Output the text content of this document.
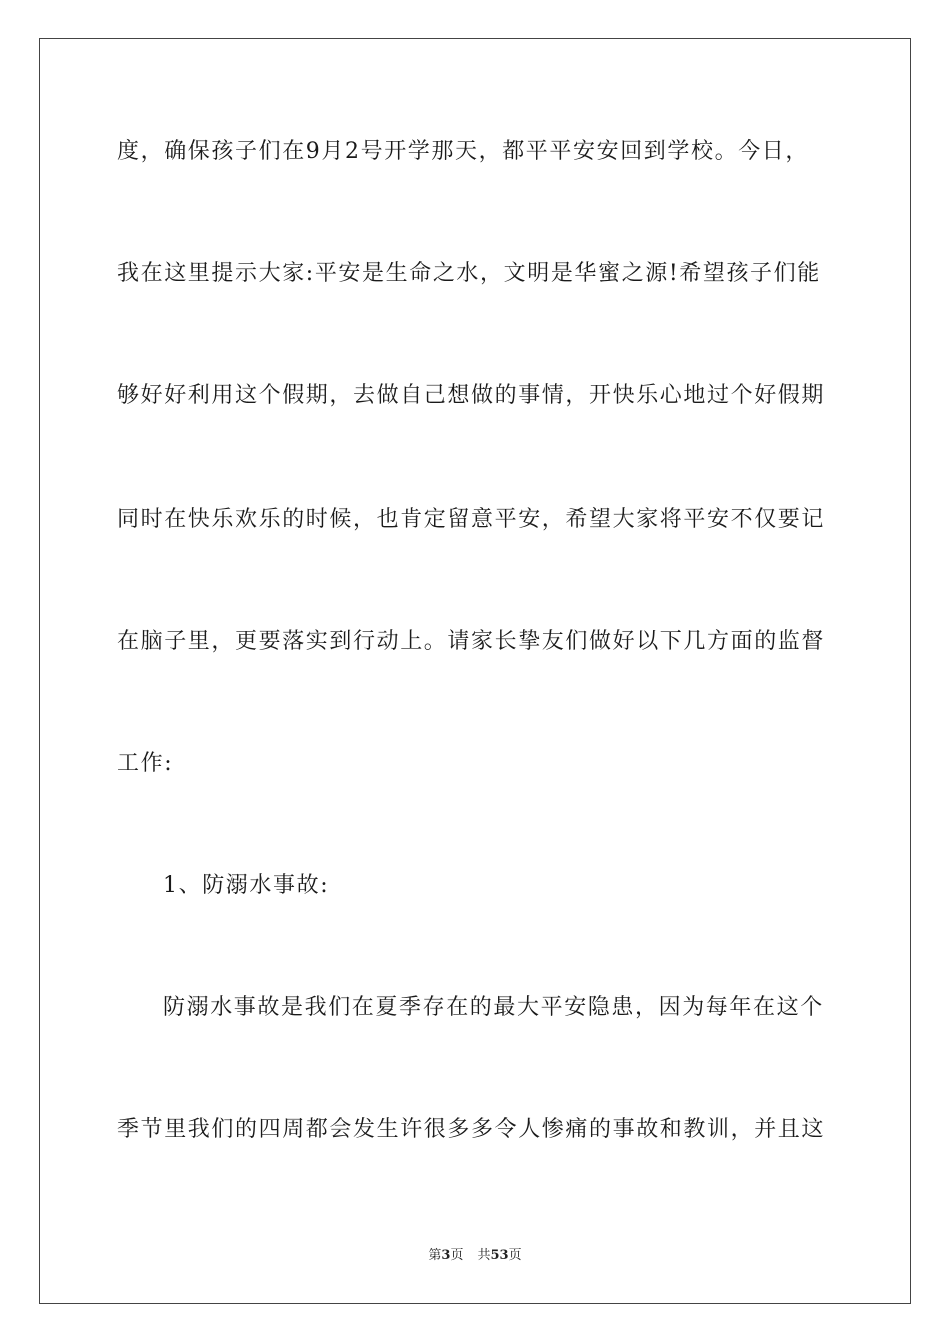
度，确保孩子们在9月2号开学那天，都平平安安回到学校。今日，
我在这里提示大家:平安是生命之水，文明是华蜜之源!希望孩子们能
够好好利用这个假期，去做自己想做的事情，开快乐心地过个好假期
同时在快乐欢乐的时候，也肯定留意平安，希望大家将平安不仅要记
在脑子里，更要落实到行动上。请家长挚友们做好以下几方面的监督
工作:
1、防溺水事故:
防溺水事故是我们在夏季存在的最大平安隐患，因为每年在这个
季节里我们的四周都会发生许很多多令人惨痛的事故和教训，并且这
第3页 共53页
